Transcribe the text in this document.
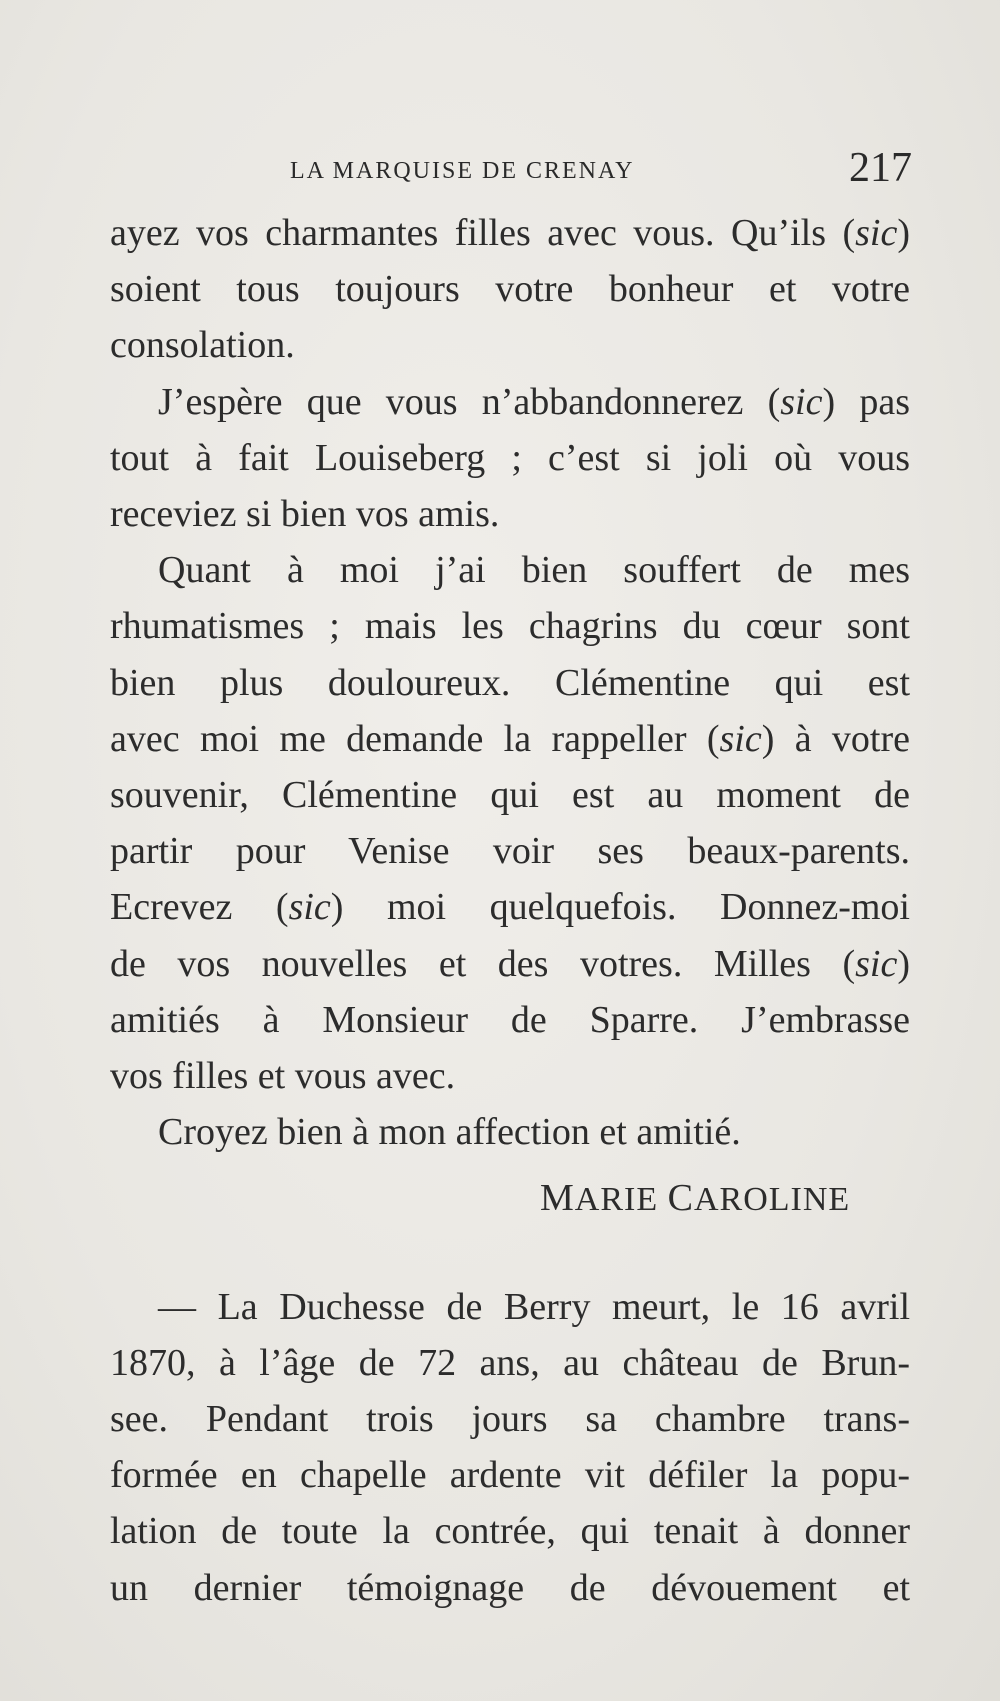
LA MARQUISE DE CRENAY	217
ayez vos charmantes filles avec vous. Qu’ils (sic)
soient tous toujours votre bonheur et votre
consolation.
J’espère que vous n’abbandonnerez (sic) pas
tout à fait Louiseberg ; c’est si joli où vous
receviez si bien vos amis.
Quant à moi j’ai bien souffert de mes
rhumatismes ; mais les chagrins du cœur sont
bien plus douloureux. Clémentine qui est
avec moi me demande la rappeller (sic) à votre
souvenir, Clémentine qui est au moment de
partir pour Venise voir ses beaux-parents.
Ecrevez (sic) moi quelquefois. Donnez-moi
de vos nouvelles et des votres. Milles (sic)
amitiés à Monsieur de Sparre. J’embrasse
vos filles et vous avec.
Croyez bien à mon affection et amitié.
MARIE CAROLINE
— La Duchesse de Berry meurt, le 16 avril
1870, à l’âge de 72 ans, au château de Brun-
see. Pendant trois jours sa chambre trans-
formée en chapelle ardente vit défiler la popu-
lation de toute la contrée, qui tenait à donner
un dernier témoignage de dévouement et
